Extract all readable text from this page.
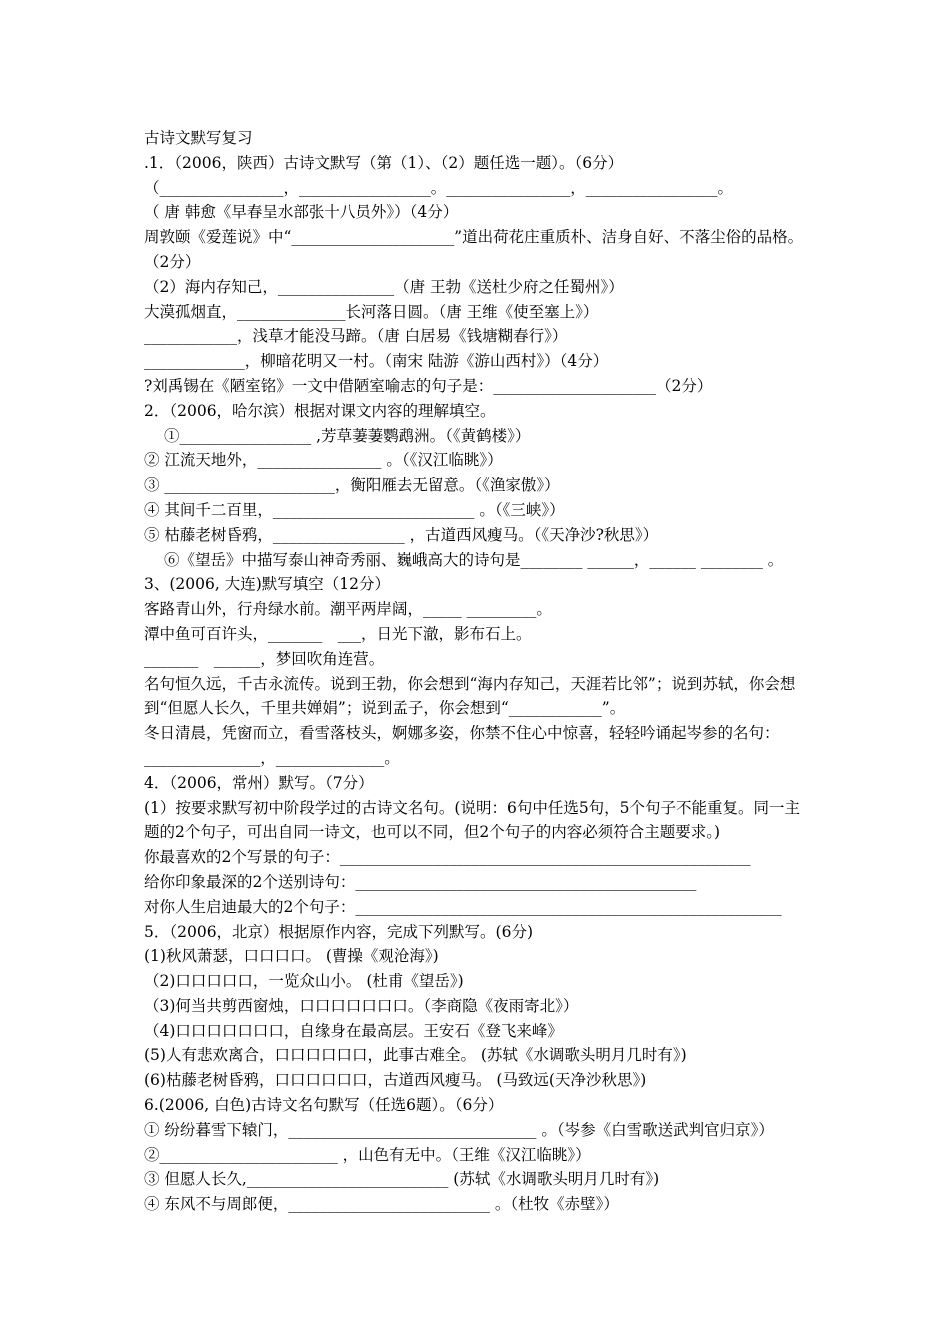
古诗文默写复习
.1．（2006，陕西）古诗文默写（第（1）、（2）题任选一题）。（6分）
（________________，_________________。________________，_________________。
（ 唐 韩愈《早春呈水部张十八员外》）（4分）
周敦颐《爱莲说》中“_____________________”道出荷花庄重质朴、洁身自好、不落尘俗的品格。（2分）
（2）海内存知己，_______________（唐 王勃《送杜少府之任蜀州》）
大漠孤烟直，______________长河落日圆。（唐 王维《使至塞上》）
____________，浅草才能没马蹄。（唐 白居易《钱塘糊春行》）
_____________，柳暗花明又一村。（南宋 陆游《游山西村》）（4分）
?刘禹锡在《陋室铭》一文中借陋室喻志的句子是：_____________________（2分）
2．（2006，哈尔滨）根据对课文内容的理解填空。
①_________________ ,芳草萋萋鹦鹉洲。（《黄鹤楼》）
② 江流天地外，________________ 。（《汉江临眺》）
③ ______________________，衡阳雁去无留意。（《渔家傲》）
④ 其间千二百里，__________________________ 。（《三峡》）
⑤ 枯藤老树昏鸦，_________________ ，古道西风瘦马。（《天净沙?秋思》）
⑥《望岳》中描写泰山神奇秀丽、巍峨高大的诗句是________ ______，______ ________ 。
3、(2006, 大连)默写填空（12分）
客路青山外，行舟绿水前。潮平两岸阔，_____ _________。
潭中鱼可百许头，_______　___，日光下澈，影布石上。
_______　______，梦回吹角连营。
名句恒久远，千古永流传。说到王勃，你会想到“海内存知己，天涯若比邻”；说到苏轼，你会想到“但愿人长久，千里共婵娟”；说到孟子，你会想到“____________”。
冬日清晨，凭窗而立，看雪落枝头，婀娜多姿，你禁不住心中惊喜，轻轻吟诵起岑参的名句：_______________，______________。
4．（2006，常州）默写。（7分）
(1）按要求默写初中阶段学过的古诗文名句。(说明：6句中任选5句，5个句子不能重复。同一主题的2个句子，可出自同一诗文，也可以不同，但2个句子的内容必须符合主题要求。)
你最喜欢的2个写景的句子：_____________________________________________________
给你印象最深的2个送别诗句：____________________________________________
对你人生启迪最大的2个句子：_______________________________________________________
5．（2006，北京）根据原作内容，完成下列默写。(6分)
(1)秋风萧瑟，口口口口。 (曹操《观沧海》)
（2)口口口口口，一览众山小。 (杜甫《望岳》)
（3)何当共剪西窗烛，口口口口口口口。（李商隐《夜雨寄北》）
（4)口口口口口口口，自缘身在最高层。王安石《登飞来峰》
(5)人有悲欢离合，口口口口口口，此事古难全。 (苏轼《水调歌头明月几时有》)
(6)枯藤老树昏鸦，口口口口口口，古道西风瘦马。 (马致远(天净沙秋思》)
6.(2006, 白色)古诗文名句默写（任选6题）。（6分）
① 纷纷暮雪下辕门，________________________________ 。（岑参《白雪歌送武判官归京》）
②_______________________ ，山色有无中。（王维《汉江临眺》）
③ 但愿人长久,__________________________ (苏轼《水调歌头明月几时有》)
④ 东风不与周郎便，__________________________ 。（杜牧《赤壁》）
